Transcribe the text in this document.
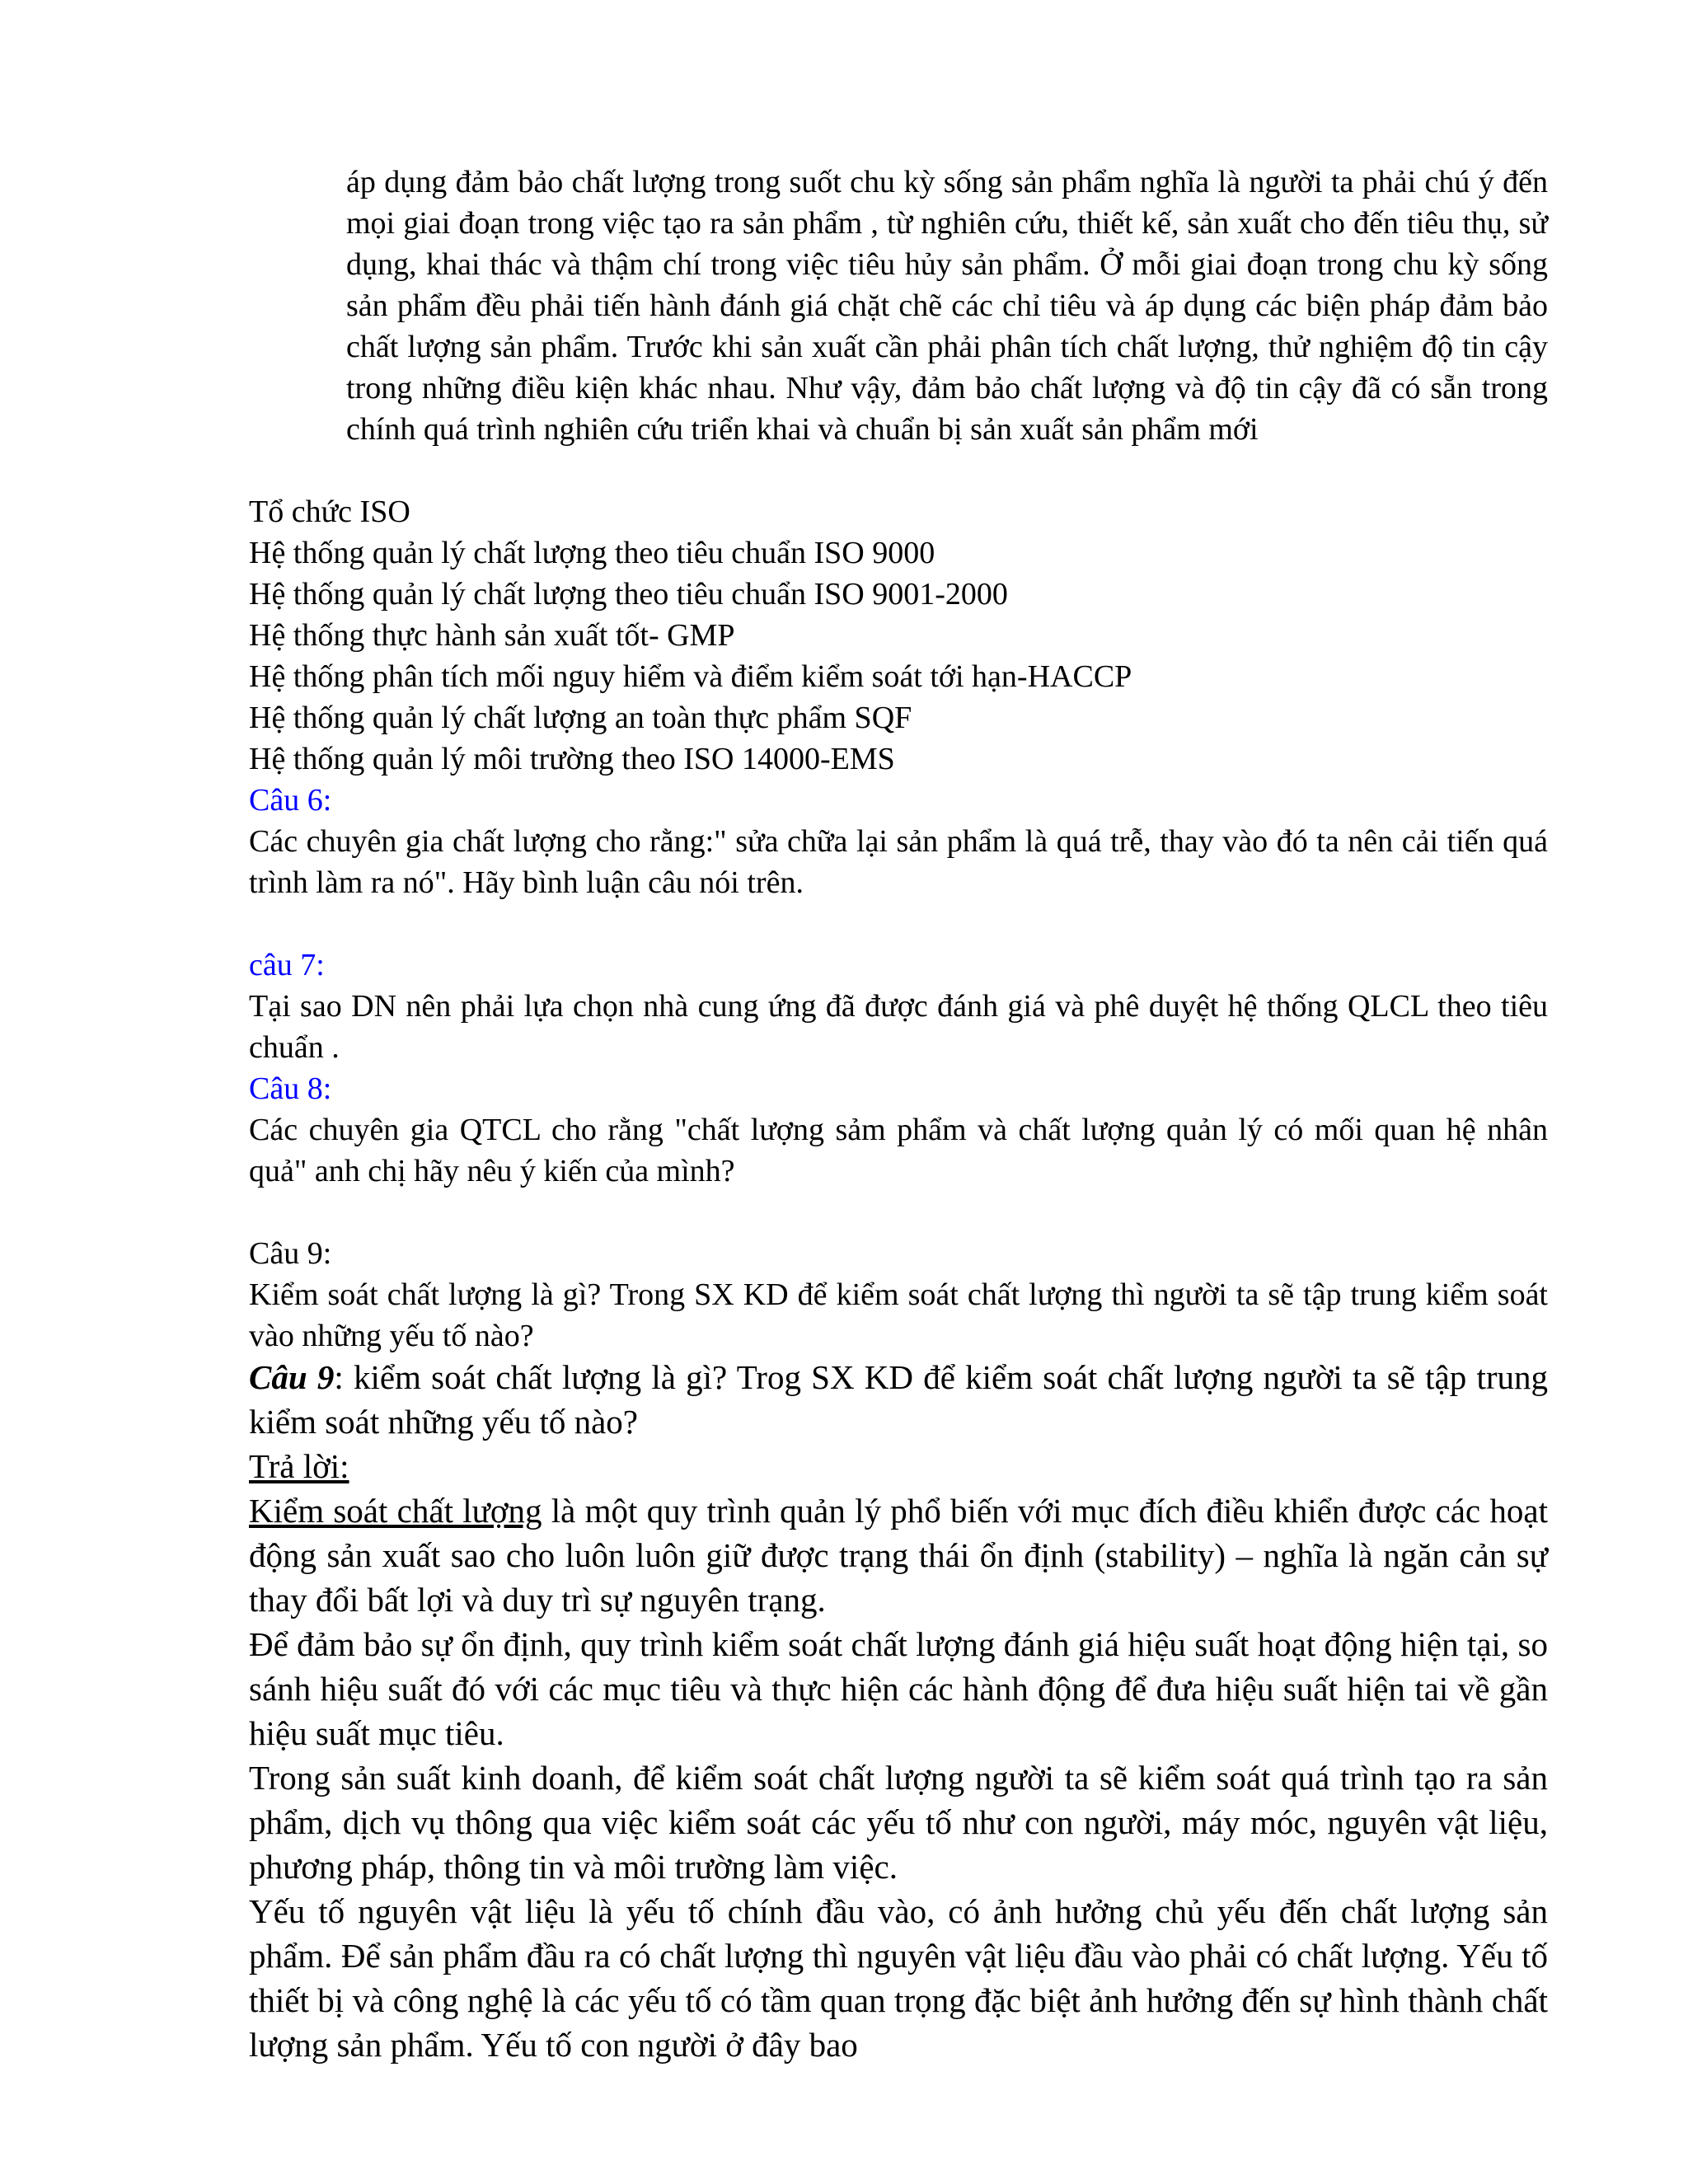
áp dụng đảm bảo chất lượng trong suốt chu kỳ sống sản phẩm nghĩa là người ta phải chú ý đến mọi giai đoạn trong việc tạo ra sản phẩm , từ nghiên cứu, thiết kế, sản xuất cho đến tiêu thụ, sử dụng, khai thác và thậm chí trong việc tiêu hủy sản phẩm. Ở mỗi giai đoạn trong chu kỳ sống sản phẩm đều phải tiến hành đánh giá chặt chẽ các chỉ tiêu và áp dụng các biện pháp đảm bảo chất lượng sản phẩm. Trước khi sản xuất cần phải phân tích chất lượng, thử nghiệm độ tin cậy trong những điều kiện khác nhau. Như vậy, đảm bảo chất lượng và độ tin cậy đã có sẵn trong chính quá trình nghiên cứu triển khai và chuẩn bị sản xuất sản phẩm mới

Tổ chức ISO
Hệ thống quản lý chất lượng theo tiêu chuẩn ISO 9000
Hệ thống quản lý chất lượng theo tiêu chuẩn ISO 9001-2000
Hệ thống thực hành sản xuất tốt- GMP
Hệ thống phân tích mối nguy hiểm và điểm kiểm soát tới hạn-HACCP
Hệ thống quản lý chất lượng an toàn thực phẩm SQF
Hệ thống quản lý môi trường theo ISO 14000-EMS
Câu 6:

Các chuyên gia chất lượng cho rằng:" sửa chữa lại sản phẩm là quá trễ, thay vào đó ta nên cải tiến quá trình làm ra nó". Hãy bình luận câu nói trên.

câu 7:

Tại sao DN nên phải lựa chọn nhà cung ứng đã được đánh giá và phê duyệt hệ thống QLCL theo tiêu chuẩn .

Câu 8:

Các chuyên gia QTCL cho rằng "chất lượng sảm phẩm và chất lượng quản lý có mối quan hệ nhân quả" anh chị hãy nêu ý kiến của mình?

Câu 9:

Kiểm soát chất lượng là gì? Trong SX KD để kiểm soát chất lượng thì người ta sẽ tập trung kiểm soát vào những yếu tố nào?

Câu 9: kiểm soát chất lượng là gì? Trog SX KD để kiểm soát chất lượng người ta sẽ tập trung kiểm soát những yếu tố nào?

Trả lời:

Kiểm soát chất lượng là một quy trình quản lý phổ biến với mục đích điều khiển được các hoạt động sản xuất sao cho luôn luôn giữ được trạng thái ổn định (stability) – nghĩa là ngăn cản sự thay đổi bất lợi và duy trì sự nguyên trạng.

Để đảm bảo sự ổn định, quy trình kiểm soát chất lượng đánh giá hiệu suất hoạt động hiện tại, so sánh hiệu suất đó với các mục tiêu và thực hiện các hành động để đưa hiệu suất hiện tai về gần hiệu suất mục tiêu.

Trong sản suất kinh doanh, để kiểm soát chất lượng người ta sẽ kiểm soát quá trình tạo ra sản phẩm, dịch vụ thông qua việc kiểm soát các yếu tố như con người, máy móc, nguyên vật liệu, phương pháp, thông tin và môi trường làm việc.

Yếu tố nguyên vật liệu là yếu tố chính đầu vào, có ảnh hưởng chủ yếu đến chất lượng sản phẩm. Để sản phẩm đầu ra có chất lượng thì nguyên vật liệu đầu vào phải có chất lượng. Yếu tố thiết bị và công nghệ là các yếu tố có tầm quan trọng đặc biệt ảnh hưởng đến sự hình thành chất lượng sản phẩm. Yếu tố con người ở đây bao
